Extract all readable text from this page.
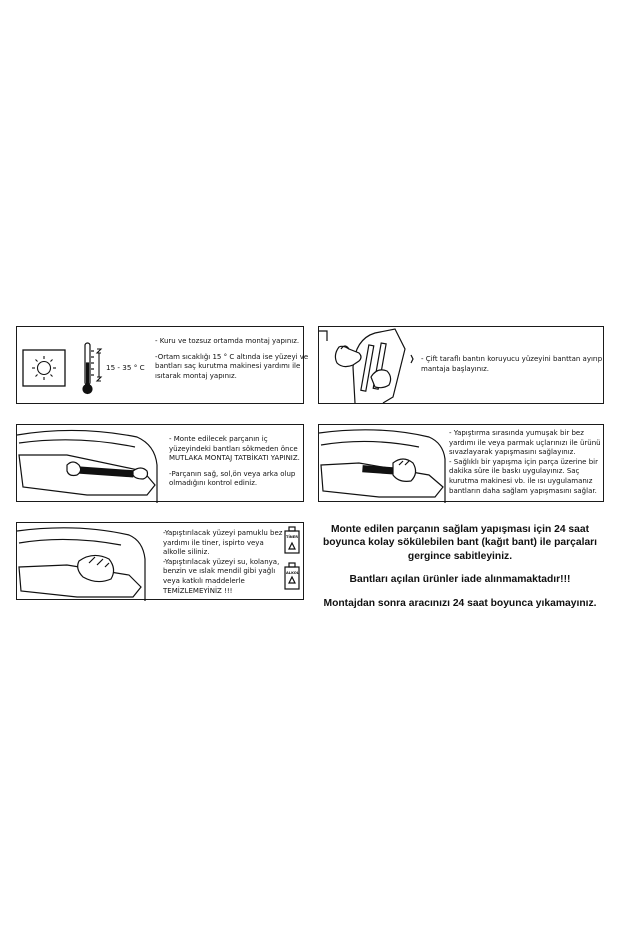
15 - 35 ° C

- Kuru ve tozsuz ortamda montaj yapınız.

-Ortam sıcaklığı 15 ° C altında ise yüzeyi ve

bantları saç kurutma makinesi yardımı ile

ısıtarak montaj yapınız.

- Çift taraflı bantın koruyucu yüzeyini banttan ayırıp

mantaja başlayınız.

- Monte edilecek parçanın iç

yüzeyindeki bantları sökmeden önce

MUTLAKA MONTAJ TATBİKATI YAPINIZ.

-Parçanın sağ, sol,ön veya arka olup

olmadığını kontrol ediniz.

- Yapıştırma sırasında yumuşak bir bez

yardımı ile veya parmak uçlarınızı ile ürünü

sıvazlayarak yapışmasını sağlayınız.

- Sağlıklı bir yapışma için parça üzerine bir

dakika süre ile baskı uygulayınız. Saç

kurutma makinesi vb. ile ısı uygulamanız

bantların daha sağlam yapışmasını sağlar.

TİNER
ALKOL

-Yapıştırılacak yüzeyi pamuklu bez

yardımı ile tiner, ispirto veya

alkolle siliniz.

-Yapıştırılacak yüzeyi su, kolanya,

benzin ve ıslak mendil gibi yağlı

veya katkılı maddelerle

TEMİZLEMEYİNİZ !!!

Monte edilen parçanın sağlam yapışması için 24 saat boyunca kolay sökülebilen bant (kağıt bant) ile parçaları gergince sabitleyiniz.

Bantları açılan ürünler iade alınmamaktadır!!!

Montajdan sonra aracınızı 24 saat boyunca yıkamayınız.
